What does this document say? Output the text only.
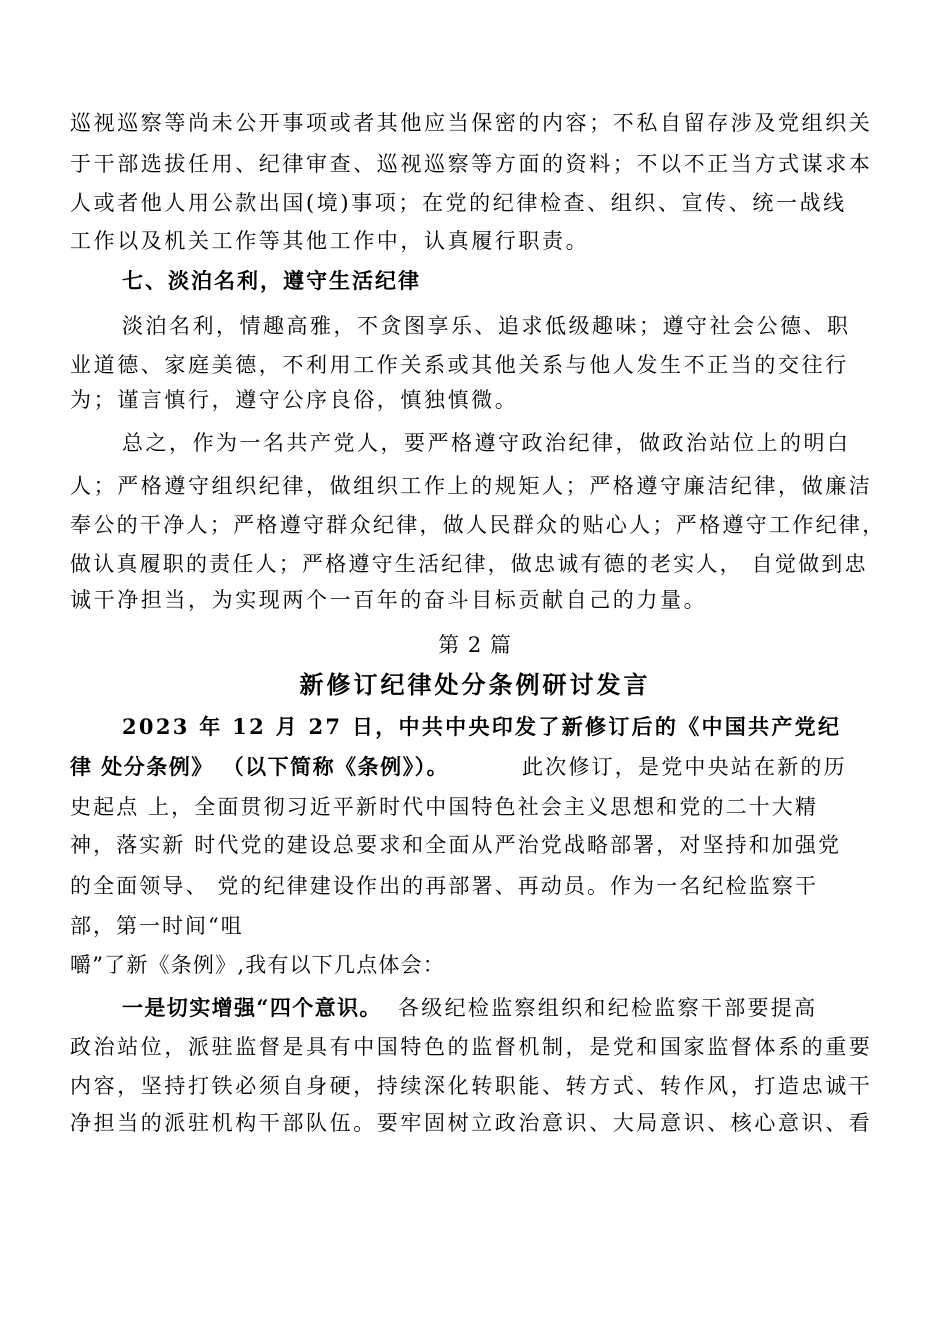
巡视巡察等尚未公开事项或者其他应当保密的内容；不私自留存涉及党组织关
于干部选拔任用、纪律审查、巡视巡察等方面的资料；不以不正当方式谋求本
人或者他人用公款出国(境)事项；在党的纪律检查、组织、宣传、统一战线
工作以及机关工作等其他工作中，认真履行职责。
七、淡泊名利，遵守生活纪律
淡泊名利，情趣高雅，不贪图享乐、追求低级趣味；遵守社会公德、职
业道德、家庭美德，不利用工作关系或其他关系与他人发生不正当的交往行
为；谨言慎行，遵守公序良俗，慎独慎微。
总之，作为一名共产党人，要严格遵守政治纪律，做政治站位上的明白
人；严格遵守组织纪律，做组织工作上的规矩人；严格遵守廉洁纪律，做廉洁
奉公的干净人；严格遵守群众纪律，做人民群众的贴心人；严格遵守工作纪律，
做认真履职的责任人；严格遵守生活纪律，做忠诚有德的老实人， 自觉做到忠
诚干净担当，为实现两个一百年的奋斗目标贡献自己的力量。
第 2 篇
新修订纪律处分条例研讨发言
2023 年 12 月 27 日，中共中央印发了新修订后的《中国共产党纪
律 处分条例》 （以下简称《条例》）。	此次修订，是党中央站在新的历
史起点 上，全面贯彻习近平新时代中国特色社会主义思想和党的二十大精
神，落实新 时代党的建设总要求和全面从严治党战略部署，对坚持和加强党
的全面领导、 党的纪律建设作出的再部署、再动员。作为一名纪检监察干
部，第一时间“咀
嚼”了新《条例》,我有以下几点体会：
一是切实增强“四个意识。 各级纪检监察组织和纪检监察干部要提高
政治站位，派驻监督是具有中国特色的监督机制，是党和国家监督体系的重要
内容，坚持打铁必须自身硬，持续深化转职能、转方式、转作风，打造忠诚干
净担当的派驻机构干部队伍。要牢固树立政治意识、大局意识、核心意识、看
